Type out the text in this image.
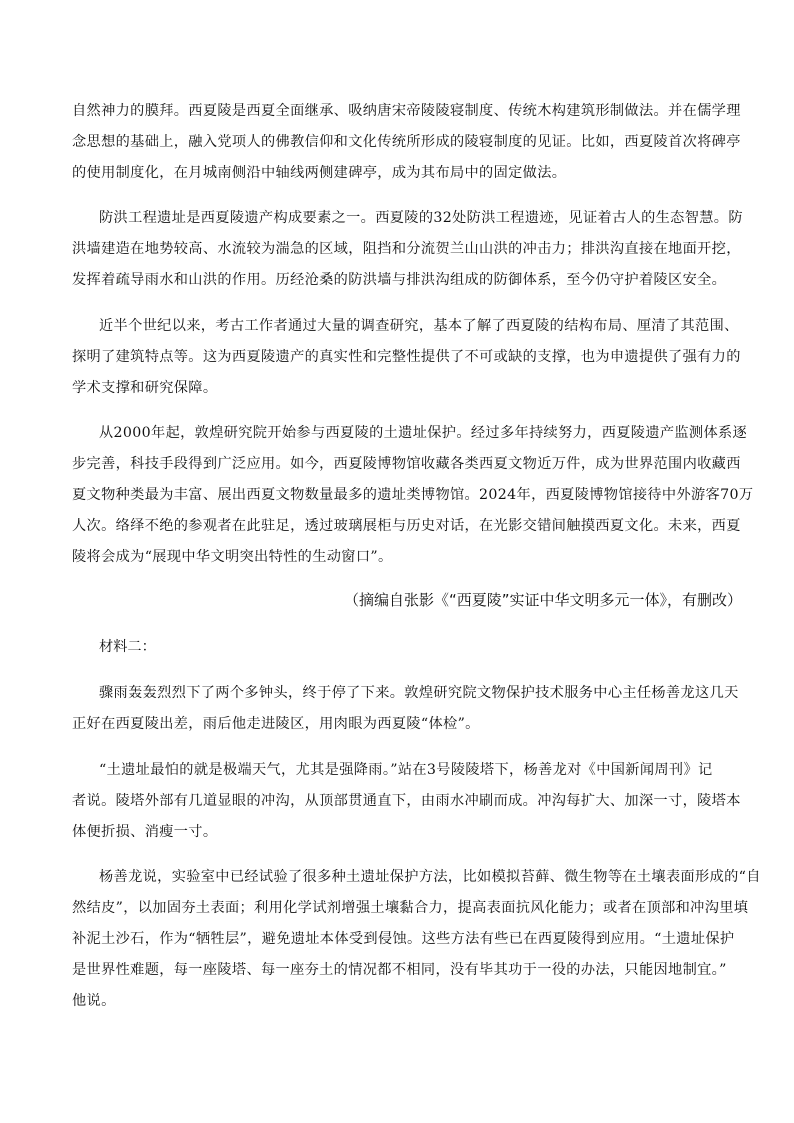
自然神力的膜拜。西夏陵是西夏全面继承、吸纳唐宋帝陵陵寝制度、传统木构建筑形制做法。并在儒学理
念思想的基础上，融入党项人的佛教信仰和文化传统所形成的陵寝制度的见证。比如，西夏陵首次将碑亭
的使用制度化，在月城南侧沿中轴线两侧建碑亭，成为其布局中的固定做法。
防洪工程遗址是西夏陵遗产构成要素之一。西夏陵的32处防洪工程遗迹，见证着古人的生态智慧。防
洪墙建造在地势较高、水流较为湍急的区域，阻挡和分流贺兰山山洪的冲击力；排洪沟直接在地面开挖，
发挥着疏导雨水和山洪的作用。历经沧桑的防洪墙与排洪沟组成的防御体系，至今仍守护着陵区安全。
近半个世纪以来，考古工作者通过大量的调查研究，基本了解了西夏陵的结构布局、厘清了其范围、
探明了建筑特点等。这为西夏陵遗产的真实性和完整性提供了不可或缺的支撑，也为申遗提供了强有力的
学术支撑和研究保障。
从2000年起，敦煌研究院开始参与西夏陵的土遗址保护。经过多年持续努力，西夏陵遗产监测体系逐
步完善，科技手段得到广泛应用。如今，西夏陵博物馆收藏各类西夏文物近万件，成为世界范围内收藏西
夏文物种类最为丰富、展出西夏文物数量最多的遗址类博物馆。2024年，西夏陵博物馆接待中外游客70万
人次。络绎不绝的参观者在此驻足，透过玻璃展柜与历史对话，在光影交错间触摸西夏文化。未来，西夏
陵将会成为“展现中华文明突出特性的生动窗口”。
（摘编自张影《“西夏陵”实证中华文明多元一体》，有删改）
材料二：
骤雨轰轰烈烈下了两个多钟头，终于停了下来。敦煌研究院文物保护技术服务中心主任杨善龙这几天
正好在西夏陵出差，雨后他走进陵区，用肉眼为西夏陵“体检”。
“土遗址最怕的就是极端天气，尤其是强降雨。”站在3号陵陵塔下，杨善龙对《中国新闻周刊》记
者说。陵塔外部有几道显眼的冲沟，从顶部贯通直下，由雨水冲刷而成。冲沟每扩大、加深一寸，陵塔本
体便折损、消瘦一寸。
杨善龙说，实验室中已经试验了很多种土遗址保护方法，比如模拟苔藓、微生物等在土壤表面形成的“自
然结皮”，以加固夯土表面；利用化学试剂增强土壤黏合力，提高表面抗风化能力；或者在顶部和冲沟里填
补泥土沙石，作为“牺牲层”，避免遗址本体受到侵蚀。这些方法有些已在西夏陵得到应用。“土遗址保护
是世界性难题，每一座陵塔、每一座夯土的情况都不相同，没有毕其功于一役的办法，只能因地制宜。”
他说。
